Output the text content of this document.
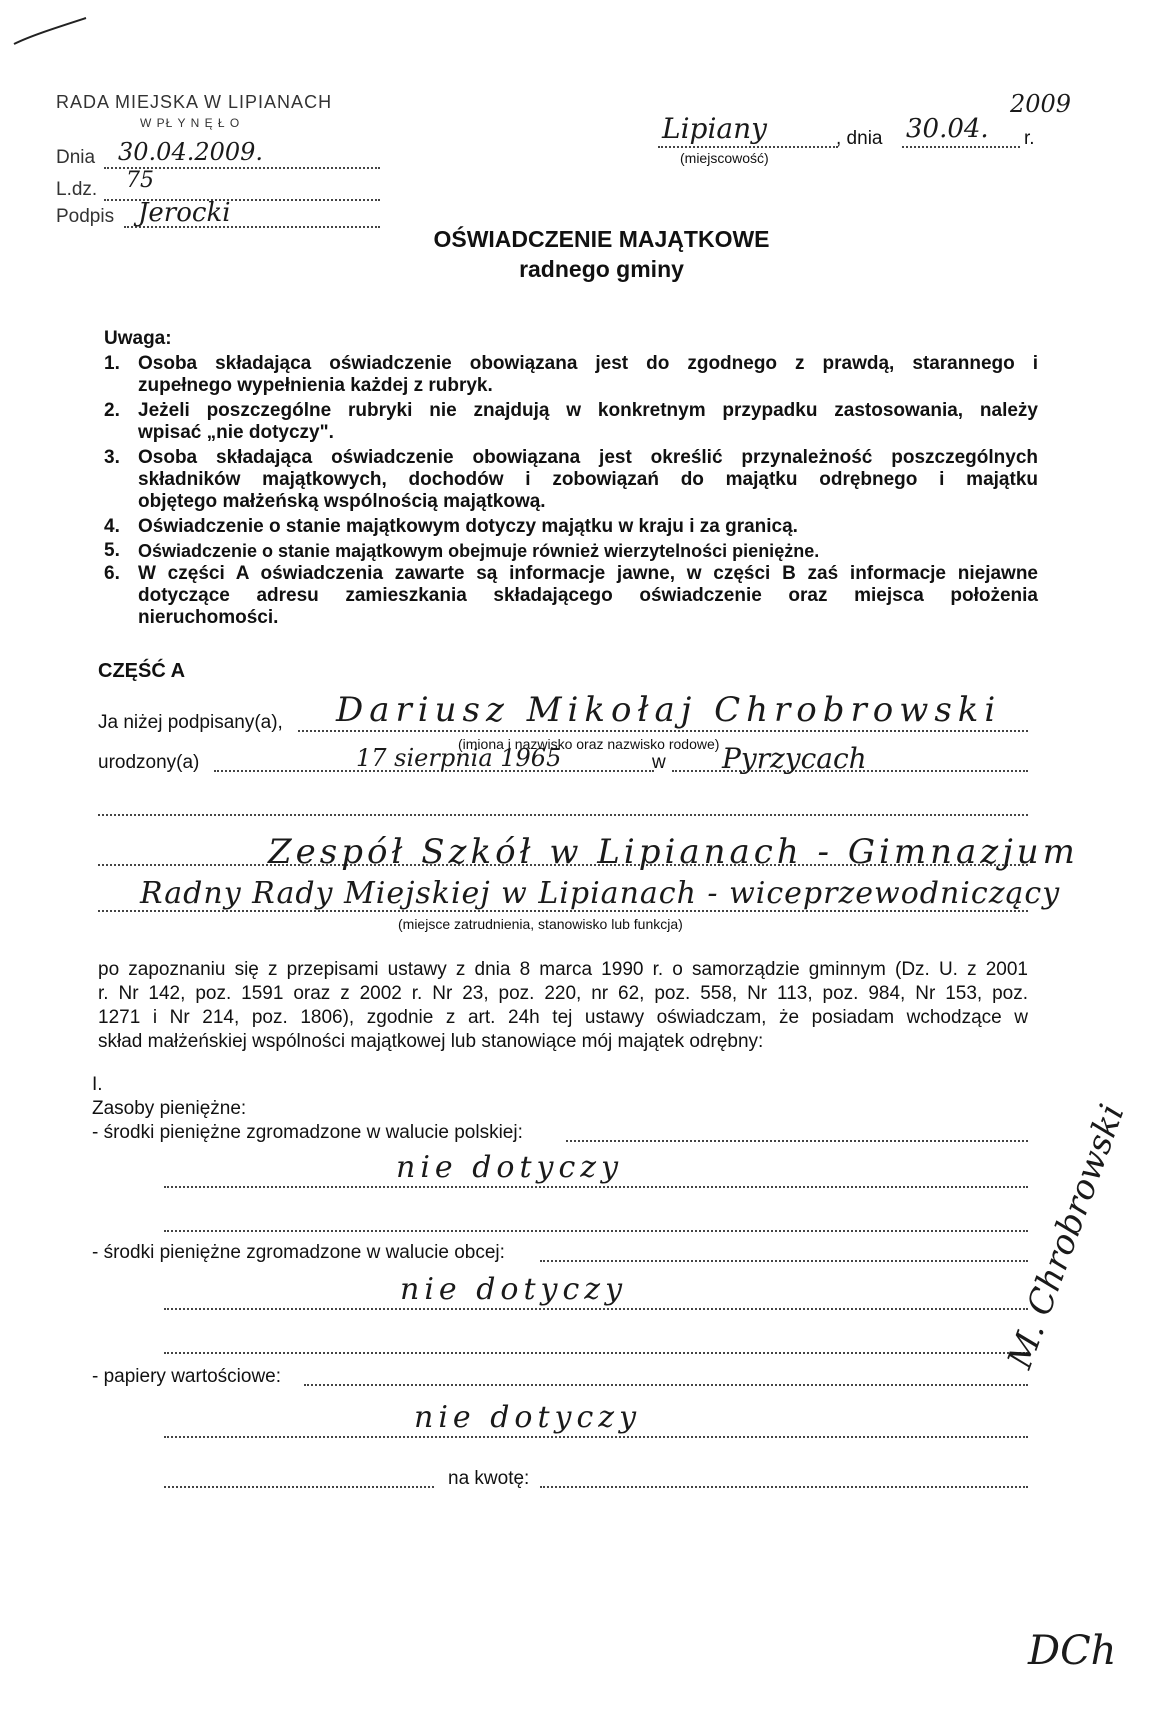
RADA MIEJSKA W LIPIANACH
W PŁ Y N Ę Ł O
Dnia 30.04.2009.
L.dz. 75
Podpis Jerocki
Lipiany	, dnia 30.04.
2009
r.
(miejscowość)
OŚWIADCZENIE MAJĄTKOWE
radnego gminy
Uwaga:
1. Osoba składająca oświadczenie obowiązana jest do zgodnego z prawdą, starannego i
zupełnego wypełnienia każdej z rubryk.
2. Jeżeli poszczególne rubryki nie znajdują w konkretnym przypadku zastosowania, należy
wpisać „nie dotyczy".
3. Osoba składająca oświadczenie obowiązana jest określić przynależność poszczególnych
składników majątkowych, dochodów i zobowiązań do majątku odrębnego i majątku
objętego małżeńską wspólnością majątkową.
4. Oświadczenie o stanie majątkowym dotyczy majątku w kraju i za granicą.
5. Oświadczenie o stanie majątkowym obejmuje również wierzytelności pieniężne.
6. W części A oświadczenia zawarte są informacje jawne, w części B zaś informacje niejawne
dotyczące adresu zamieszkania składającego oświadczenie oraz miejsca położenia
nieruchomości.
CZĘŚĆ A
Ja niżej podpisany(a), Dariusz Mikołaj Chrobrowski
(imiona i nazwisko oraz nazwisko rodowe)
urodzony(a)	17 sierpnia 1965	w Pyrzycach
Zespół Szkół w Lipianach - Gimnazjum
Radny Rady Miejskiej w Lipianach - wiceprzewodniczący
(miejsce zatrudnienia, stanowisko lub funkcja)
po zapoznaniu się z przepisami ustawy z dnia 8 marca 1990 r. o samorządzie gminnym (Dz. U. z 2001
r. Nr 142, poz. 1591 oraz z 2002 r. Nr 23, poz. 220, nr 62, poz. 558, Nr 113, poz. 984, Nr 153, poz.
1271 i Nr 214, poz. 1806), zgodnie z art. 24h tej ustawy oświadczam, że posiadam wchodzące w
skład małżeńskiej wspólności majątkowej lub stanowiące mój majątek odrębny:
I.
Zasoby pieniężne:
- środki pieniężne zgromadzone w walucie polskiej:
nie dotyczy
- środki pieniężne zgromadzone w walucie obcej:
nie dotyczy
- papiery wartościowe:
nie dotyczy
na kwotę:
M. Chrobrowski
DCh
